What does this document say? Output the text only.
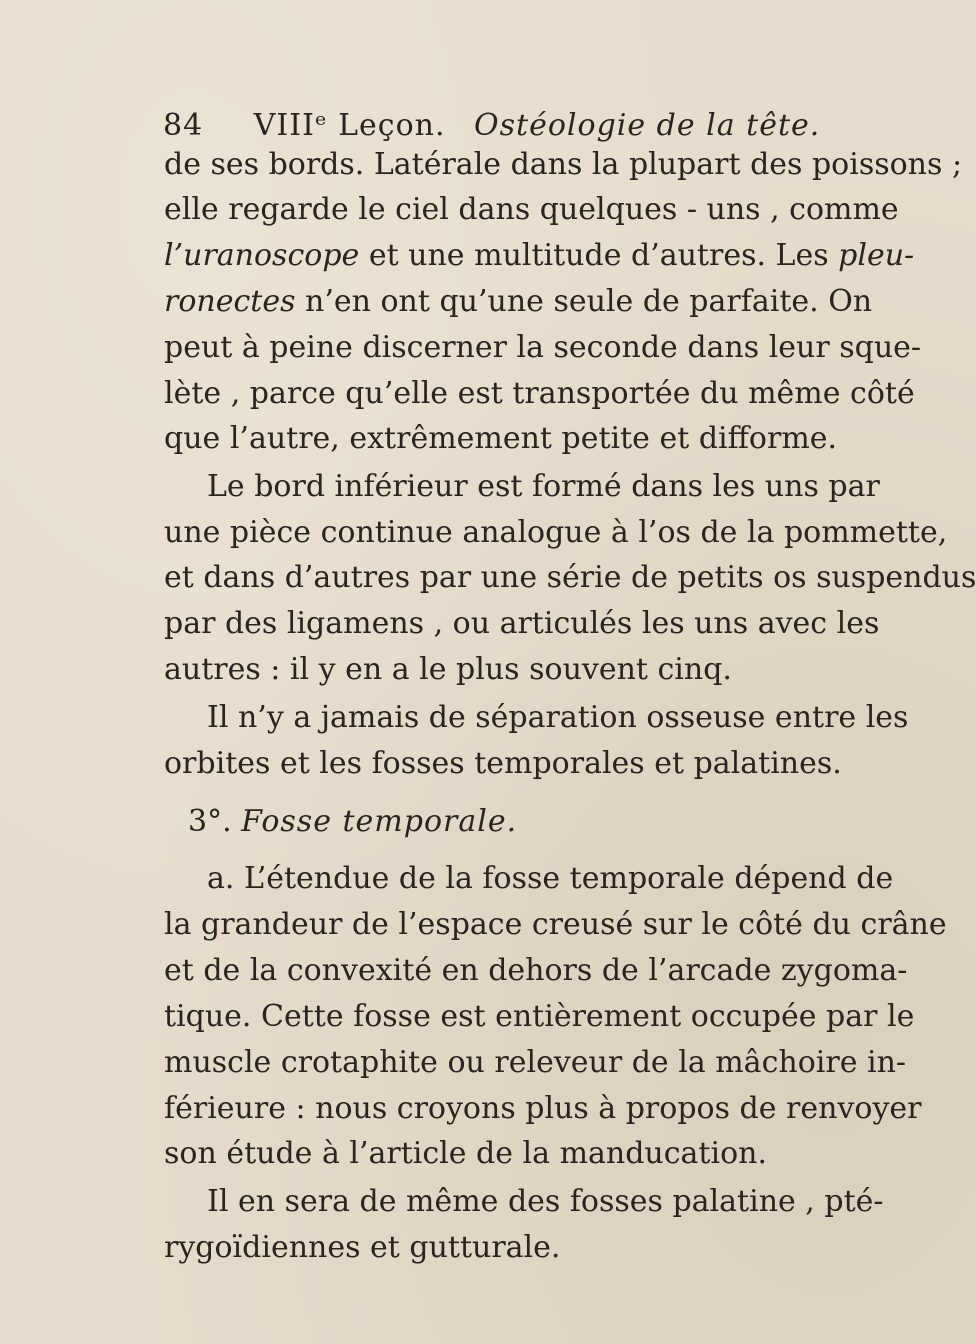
84 VIIIᵉ Leçon. Ostéologie de la tête.
de ses bords. Latérale dans la plupart des poissons ;
elle regarde le ciel dans quelques - uns , comme
l’uranoscope et une multitude d’autres. Les pleu-
ronectes n’en ont qu’une seule de parfaite. On
peut à peine discerner la seconde dans leur sque-
lète , parce qu’elle est transportée du même côté
que l’autre, extrêmement petite et difforme.
Le bord inférieur est formé dans les uns par
une pièce continue analogue à l’os de la pommette,
et dans d’autres par une série de petits os suspendus
par des ligamens , ou articulés les uns avec les
autres : il y en a le plus souvent cinq.
Il n’y a jamais de séparation osseuse entre les
orbites et les fosses temporales et palatines.
3°. Fosse temporale.
a. L’étendue de la fosse temporale dépend de
la grandeur de l’espace creusé sur le côté du crâne
et de la convexité en dehors de l’arcade zygoma-
tique. Cette fosse est entièrement occupée par le
muscle crotaphite ou releveur de la mâchoire in-
férieure : nous croyons plus à propos de renvoyer
son étude à l’article de la manducation.
Il en sera de même des fosses palatine , pté-
rygoïdiennes et gutturale.
